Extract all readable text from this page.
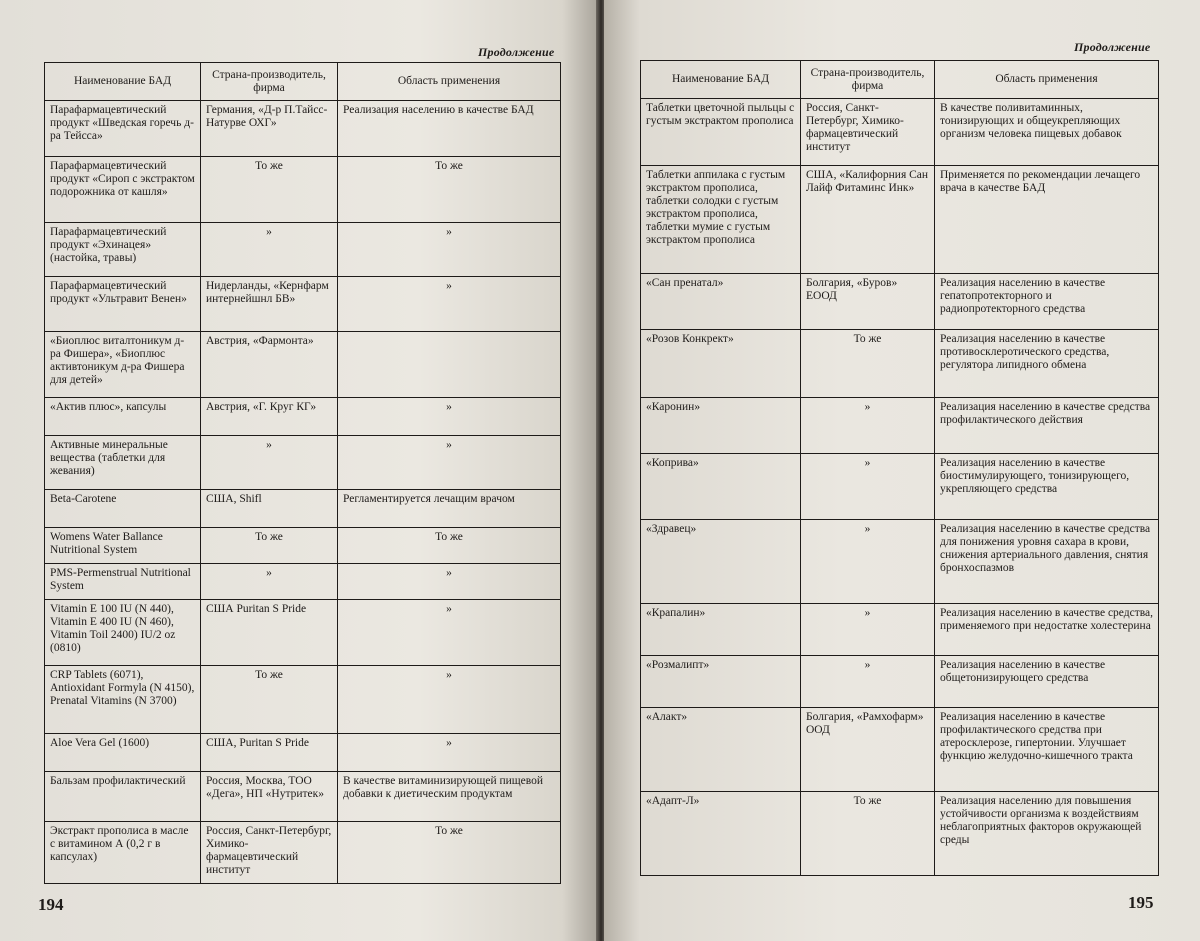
Продолжение
Наименование БАД	Страна-производитель, фирма	Область применения
Парафармацевтический продукт «Шведская горечь д-ра Тейсса»	Германия, «Д-р П.Тайсс-Натурве ОХГ»	Реализация населению в качестве БАД
Парафармацевтический продукт «Сироп с экстрактом подорожника от кашля»	То же	То же
Парафармацевтический продукт «Эхинацея» (настойка, травы)	»	»
Парафармацевтический продукт «Ультравит Венен»	Нидерланды, «Кернфарм интернейшнл БВ»	»
«Биоплюс виталтоникум д-ра Фишера», «Биоплюс активтоникум д-ра Фишера для детей»	Австрия, «Фармонта»	
«Актив плюс», капсулы	Австрия, «Г. Круг КГ»	»
Активные минеральные вещества (таблетки для жевания)	»	»
Beta-Carotene	США, Shifl	Регламентируется лечащим врачом
Womens Water Ballance Nutritional System	То же	То же
PMS-Permenstrual Nutritional System	»	»
Vitamin E 100 IU (N 440), Vitamin E 400 IU (N 460), Vitamin Toil 2400) IU/2 oz (0810)	США Puritan S Pride	»
CRP Tablets (6071), Antioxidant Formyla (N 4150), Prenatal Vitamins (N 3700)	То же	»
Aloe Vera Gel (1600)	США, Puritan S Pride	»
Бальзам профилактический	Россия, Москва, ТОО «Дега», НП «Нутритек»	В качестве витаминизирующей пищевой добавки к диетическим продуктам
Экстракт прополиса в масле с витамином А (0,2 г в капсулах)	Россия, Санкт-Петербург, Химико-фармацевтический институт	То же
194
Продолжение
Наименование БАД	Страна-производитель, фирма	Область применения
Таблетки цветочной пыльцы с густым экстрактом прополиса	Россия, Санкт-Петербург, Химико-фармацевтический институт	В качестве поливитаминных, тонизирующих и общеукрепляющих организм человека пищевых добавок
Таблетки аппилака с густым экстрактом прополиса, таблетки солодки с густым экстрактом прополиса, таблетки мумие с густым экстрактом прополиса	США, «Калифорния Сан Лайф Фитаминс Инк»	Применяется по рекомендации лечащего врача в качестве БАД
«Сан пренатал»	Болгария, «Буров» ЕООД	Реализация населению в качестве гепатопротекторного и радиопротекторного средства
«Розов Конкрект»	То же	Реализация населению в качестве противосклеротического средства, регулятора липидного обмена
«Каронин»	»	Реализация населению в качестве средства профилактического действия
«Коприва»	»	Реализация населению в качестве биостимулирующего, тонизирующего, укрепляющего средства
«Здравец»	»	Реализация населению в качестве средства для понижения уровня сахара в крови, снижения артериального давления, снятия бронхоспазмов
«Крапалин»	»	Реализация населению в качестве средства, применяемого при недостатке холестерина
«Розмалипт»	»	Реализация населению в качестве общетонизирующего средства
«Алакт»	Болгария, «Рамхофарм» ООД	Реализация населению в качестве профилактического средства при атеросклерозе, гипертонии. Улучшает функцию желудочно-кишечного тракта
«Адапт-Л»	То же	Реализация населению для повышения устойчивости организма к воздействиям неблагоприятных факторов окружающей среды
195
